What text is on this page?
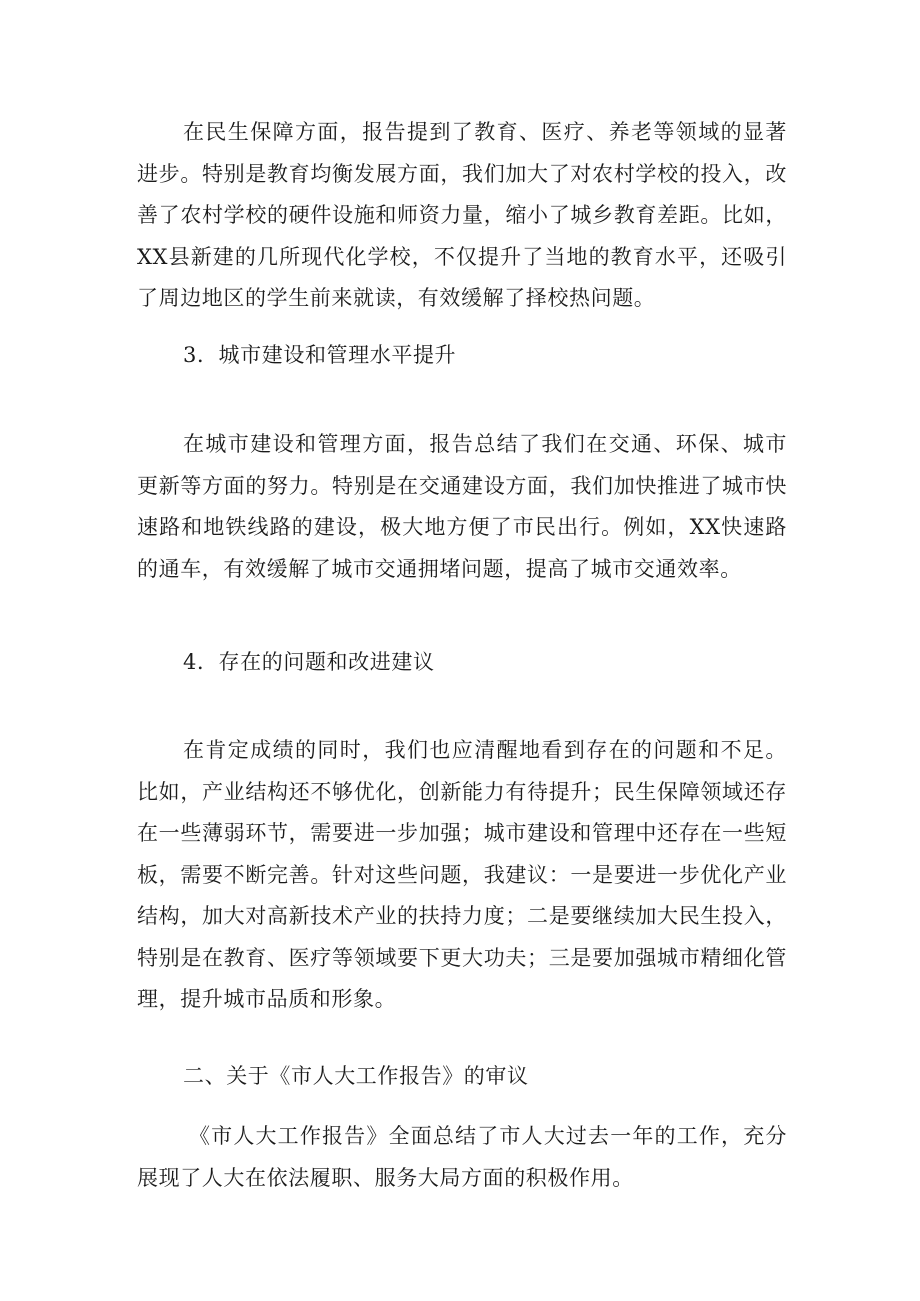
在民生保障方面，报告提到了教育、医疗、养老等领域的显著进步。特别是教育均衡发展方面，我们加大了对农村学校的投入，改善了农村学校的硬件设施和师资力量，缩小了城乡教育差距。比如，XX县新建的几所现代化学校，不仅提升了当地的教育水平，还吸引了周边地区的学生前来就读，有效缓解了择校热问题。

3．城市建设和管理水平提升

在城市建设和管理方面，报告总结了我们在交通、环保、城市更新等方面的努力。特别是在交通建设方面，我们加快推进了城市快速路和地铁线路的建设，极大地方便了市民出行。例如，XX快速路的通车，有效缓解了城市交通拥堵问题，提高了城市交通效率。

4．存在的问题和改进建议

在肯定成绩的同时，我们也应清醒地看到存在的问题和不足。比如，产业结构还不够优化，创新能力有待提升；民生保障领域还存在一些薄弱环节，需要进一步加强；城市建设和管理中还存在一些短板，需要不断完善。针对这些问题，我建议：一是要进一步优化产业结构，加大对高新技术产业的扶持力度；二是要继续加大民生投入，特别是在教育、医疗等领域要下更大功夫；三是要加强城市精细化管理，提升城市品质和形象。

二、关于《市人大工作报告》的审议

《市人大工作报告》全面总结了市人大过去一年的工作，充分展现了人大在依法履职、服务大局方面的积极作用。
